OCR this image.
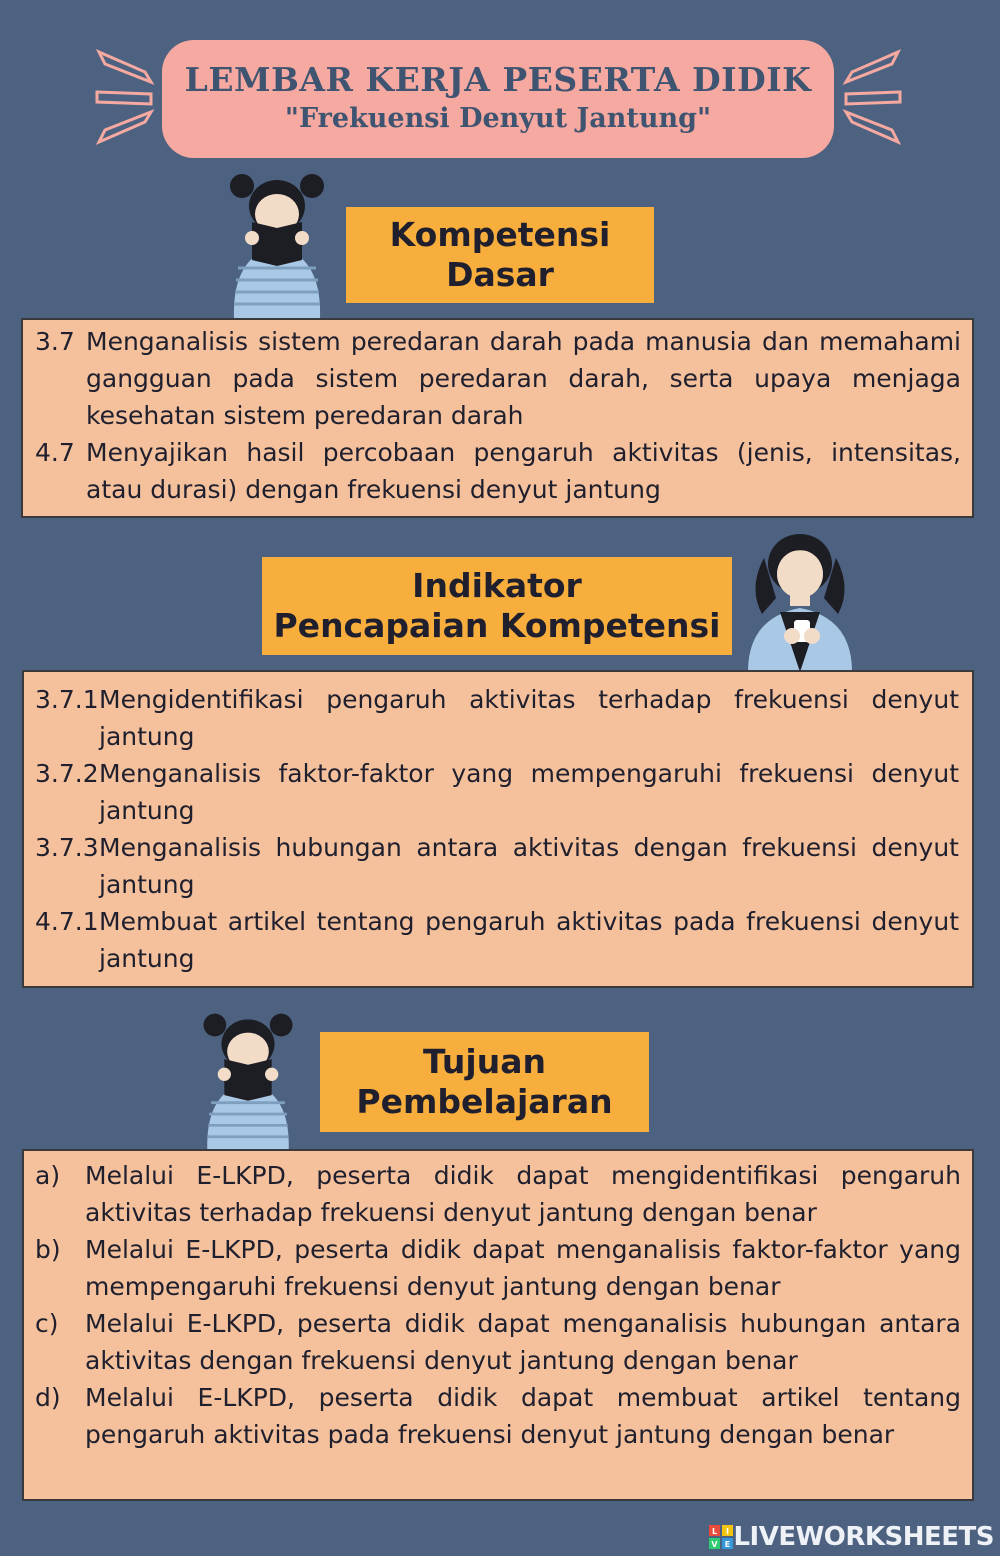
LEMBAR KERJA PESERTA DIDIK
"Frekuensi Denyut Jantung"
Kompetensi
Dasar
3.7 Menganalisis sistem peredaran darah pada manusia dan memahami gangguan pada sistem peredaran darah, serta upaya menjaga kesehatan sistem peredaran darah
4.7 Menyajikan hasil percobaan pengaruh aktivitas (jenis, intensitas, atau durasi) dengan frekuensi denyut jantung
Indikator
Pencapaian Kompetensi
3.7.1 Mengidentifikasi pengaruh aktivitas terhadap frekuensi denyut jantung
3.7.2 Menganalisis faktor-faktor yang mempengaruhi frekuensi denyut jantung
3.7.3 Menganalisis hubungan antara aktivitas dengan frekuensi denyut jantung
4.7.1 Membuat artikel tentang pengaruh aktivitas pada frekuensi denyut jantung
Tujuan
Pembelajaran
a) Melalui E-LKPD, peserta didik dapat mengidentifikasi pengaruh aktivitas terhadap frekuensi denyut jantung dengan benar
b) Melalui E-LKPD, peserta didik dapat menganalisis faktor-faktor yang mempengaruhi frekuensi denyut jantung dengan benar
c)	Melalui E-LKPD, peserta didik dapat menganalisis hubungan antara aktivitas dengan frekuensi denyut jantung dengan benar
d) Melalui E-LKPD, peserta didik dapat membuat artikel tentang pengaruh aktivitas pada frekuensi denyut jantung dengan benar
L I
V E LIVEWORKSHEETS
